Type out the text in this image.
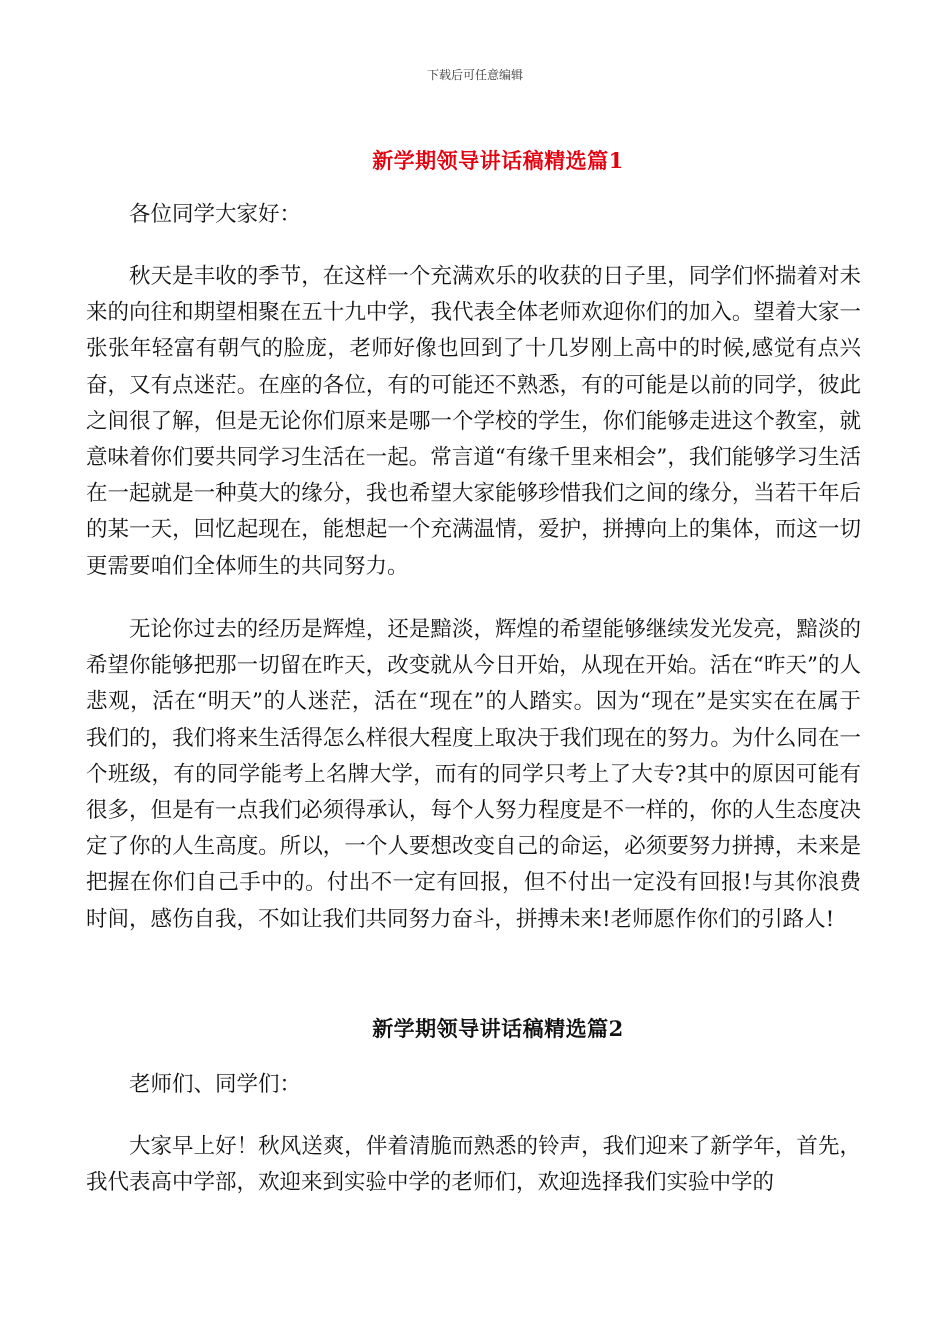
下载后可任意编辑
新学期领导讲话稿精选篇1

各位同学大家好：

秋天是丰收的季节，在这样一个充满欢乐的收获的日子里，同学们怀揣着对未来的向往和期望相聚在五十九中学，我代表全体老师欢迎你们的加入。望着大家一张张年轻富有朝气的脸庞，老师好像也回到了十几岁刚上高中的时候,感觉有点兴奋，又有点迷茫。在座的各位，有的可能还不熟悉，有的可能是以前的同学，彼此之间很了解，但是无论你们原来是哪一个学校的学生，你们能够走进这个教室，就意味着你们要共同学习生活在一起。常言道“有缘千里来相会”，我们能够学习生活在一起就是一种莫大的缘分，我也希望大家能够珍惜我们之间的缘分，当若干年后的某一天，回忆起现在，能想起一个充满温情，爱护，拼搏向上的集体，而这一切更需要咱们全体师生的共同努力。

无论你过去的经历是辉煌，还是黯淡，辉煌的希望能够继续发光发亮，黯淡的希望你能够把那一切留在昨天，改变就从今日开始，从现在开始。活在“昨天”的人悲观，活在“明天”的人迷茫，活在“现在”的人踏实。因为“现在”是实实在在属于我们的，我们将来生活得怎么样很大程度上取决于我们现在的努力。为什么同在一个班级，有的同学能考上名牌大学，而有的同学只考上了大专?其中的原因可能有很多，但是有一点我们必须得承认，每个人努力程度是不一样的，你的人生态度决定了你的人生高度。所以，一个人要想改变自己的命运，必须要努力拼搏，未来是把握在你们自己手中的。付出不一定有回报，但不付出一定没有回报!与其你浪费时间，感伤自我，不如让我们共同努力奋斗，拼搏未来!老师愿作你们的引路人!

新学期领导讲话稿精选篇2

老师们、同学们：

大家早上好！秋风送爽，伴着清脆而熟悉的铃声，我们迎来了新学年，首先，我代表高中学部，欢迎来到实验中学的老师们，欢迎选择我们实验中学的
